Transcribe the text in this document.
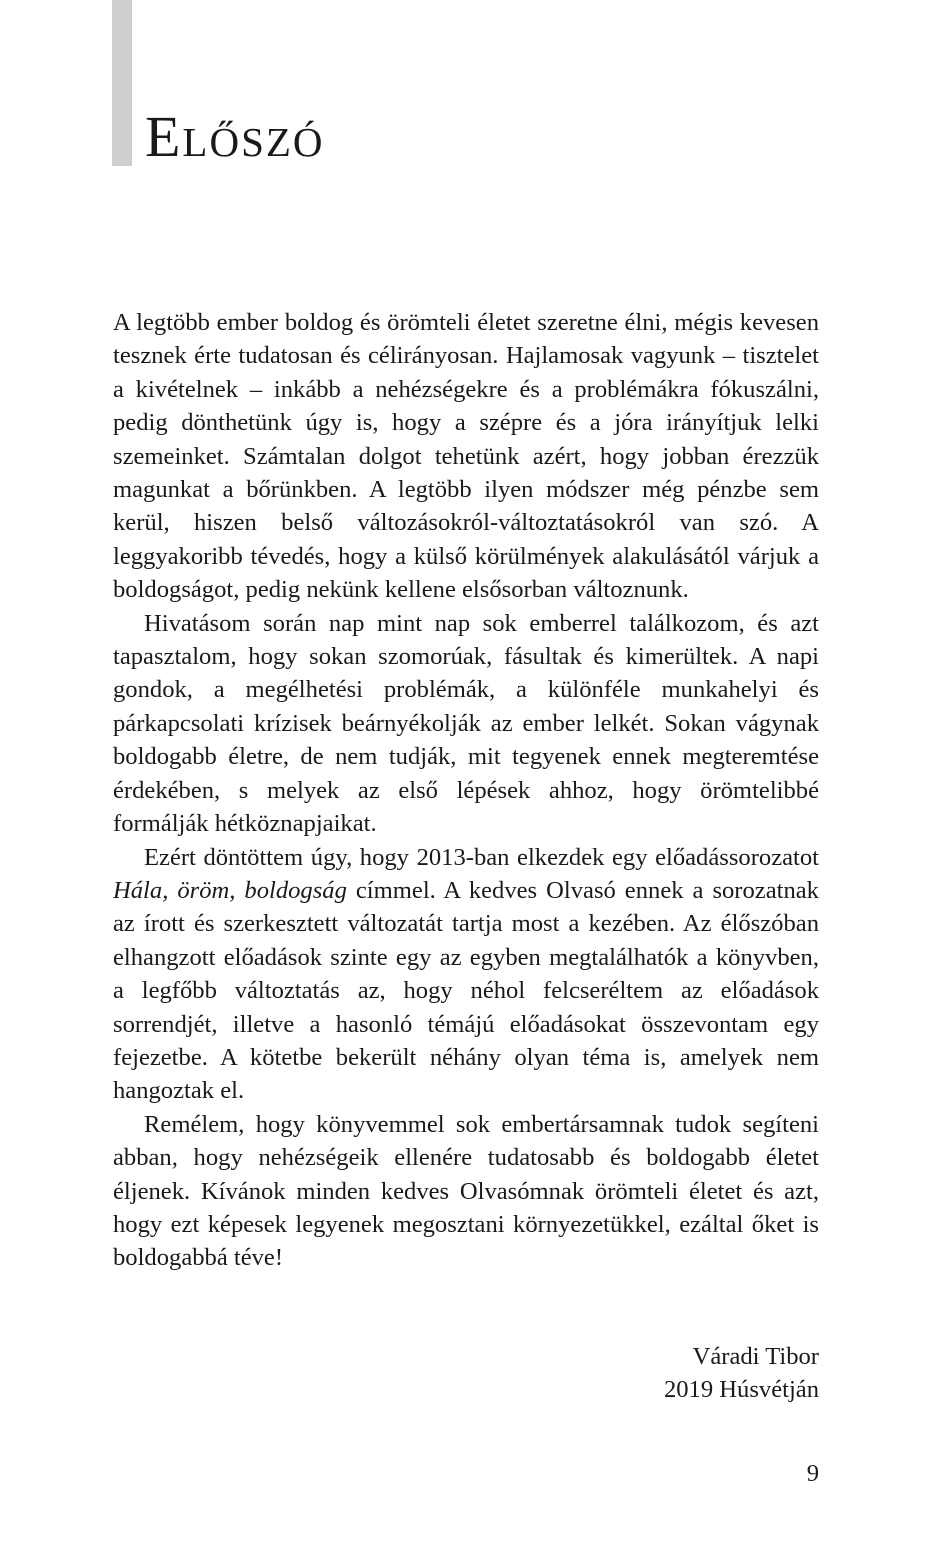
Előszó

A legtöbb ember boldog és örömteli életet szeretne élni, mégis kevesen tesznek érte tudatosan és célirányosan. Hajlamosak vagyunk – tisztelet a kivételnek – inkább a nehézségekre és a problémákra fókuszálni, pedig dönthetünk úgy is, hogy a szépre és a jóra irányítjuk lelki szemeinket. Számtalan dolgot tehetünk azért, hogy jobban érezzük magunkat a bőrünkben. A legtöbb ilyen módszer még pénzbe sem kerül, hiszen belső változásokról-változtatásokról van szó. A leggyakoribb tévedés, hogy a külső körülmények alakulásától várjuk a boldogságot, pedig nekünk kellene elsősorban változnunk.

Hivatásom során nap mint nap sok emberrel találkozom, és azt tapasztalom, hogy sokan szomorúak, fásultak és kimerültek. A napi gondok, a megélhetési problémák, a különféle munkahelyi és párkapcsolati krízisek beárnyékolják az ember lelkét. Sokan vágynak boldogabb életre, de nem tudják, mit tegyenek ennek megteremtése érdekében, s melyek az első lépések ahhoz, hogy örömtelibbé formálják hétköznapjaikat.

Ezért döntöttem úgy, hogy 2013-ban elkezdek egy előadássorozatot Hála, öröm, boldogság címmel. A kedves Olvasó ennek a sorozatnak az írott és szerkesztett változatát tartja most a kezében. Az élőszóban elhangzott előadások szinte egy az egyben megtalálhatók a könyvben, a legfőbb változtatás az, hogy néhol felcseréltem az előadások sorrendjét, illetve a hasonló témájú előadásokat összevontam egy fejezetbe. A kötetbe bekerült néhány olyan téma is, amelyek nem hangoztak el.

Remélem, hogy könyvemmel sok embertársamnak tudok segíteni abban, hogy nehézségeik ellenére tudatosabb és boldogabb életet éljenek. Kívánok minden kedves Olvasómnak örömteli életet és azt, hogy ezt képesek legyenek megosztani környezetükkel, ezáltal őket is boldogabbá téve!

Váradi Tibor
2019 Húsvétján
9
